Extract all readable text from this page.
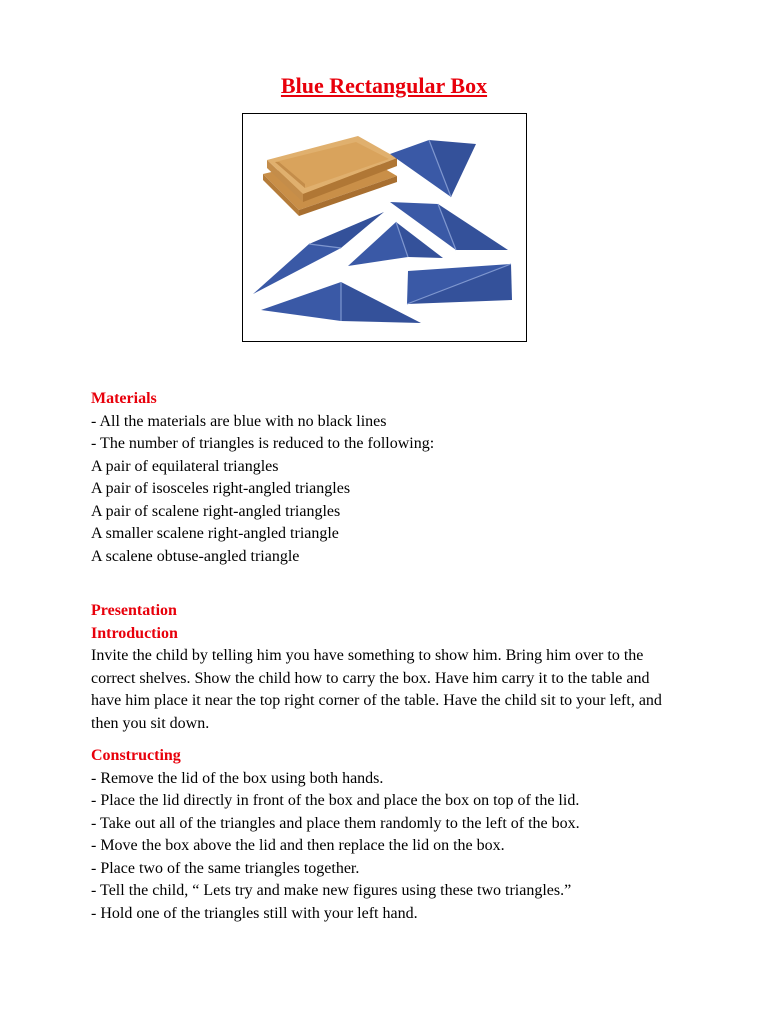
Blue Rectangular Box
Materials
- All the materials are blue with no black lines
- The number of triangles is reduced to the following:
A pair of equilateral triangles
A pair of isosceles right-angled triangles
A pair of scalene right-angled triangles
A smaller scalene right-angled triangle
A scalene obtuse-angled triangle
Presentation
Introduction
Invite the child by telling him you have something to show him. Bring him over to the correct shelves. Show the child how to carry the box. Have him carry it to the table and have him place it near the top right corner of the table. Have the child sit to your left, and then you sit down.
Constructing
- Remove the lid of the box using both hands.
- Place the lid directly in front of the box and place the box on top of the lid.
- Take out all of the triangles and place them randomly to the left of the box.
- Move the box above the lid and then replace the lid on the box.
- Place two of the same triangles together.
- Tell the child, “ Lets try and make new figures using these two triangles.”
- Hold one of the triangles still with your left hand.
